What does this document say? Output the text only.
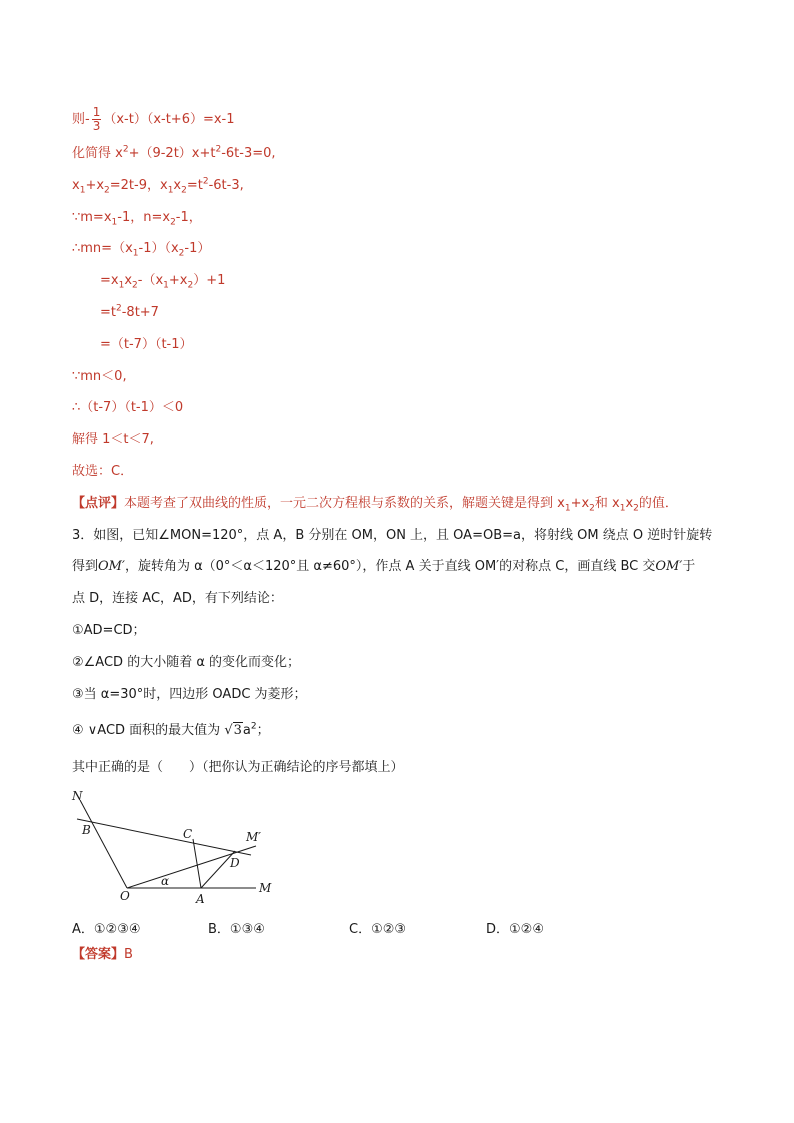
则- $\frac{1}{3} (x-t)(x-t+6)=x-1$
化简得 $x^2+(9-2t)x+t^2-6t-3=0$,
$x_1+x_2=2t-9$，$x_1x_2=t^2-6t-3$,
$\because m=x_1-1$，$n=x_2-1$，
$\therefore mn=(x_1-1)(x_2-1)$
$=x_1x_2-(x_1+x_2)+1$
$=t^2-8t+7$
=（t-7）（t-1）
∵mn＜0,
∴（t-7）（t-1）＜0
解得 1＜t＜7,
故选：C．
【点评】本题考查了双曲线的性质，一元二次方程根与系数的关系，解题关键是得到 $x_1+x_2$和 $x_1x_2$的值．
3．如图，已知∠MON=120°，点 A，B 分别在 OM，ON 上，且 OA=OB=a，将射线 OM 绕点 O 逆时针旋转
得到OM′，旋转角为 α（0°＜α＜120°且 α≠60°），作点 A 关于直线 OM′的对称点 C，画直线 BC 交OM′于
点 D，连接 AC，AD，有下列结论：
①AD=CD；
②∠ACD 的大小随着 α 的变化而变化；
③当 α=30°时，四边形 OADC 为菱形；
④ ∨ACD 面积的最大值为 $√3a^2$；
其中正确的是（　　）（把你认为正确结论的序号都填上）
N
B	C	M′
D
α
O	A
M
A．①②③④	B．①③④	C．①②③	D．①②④
【答案】B
